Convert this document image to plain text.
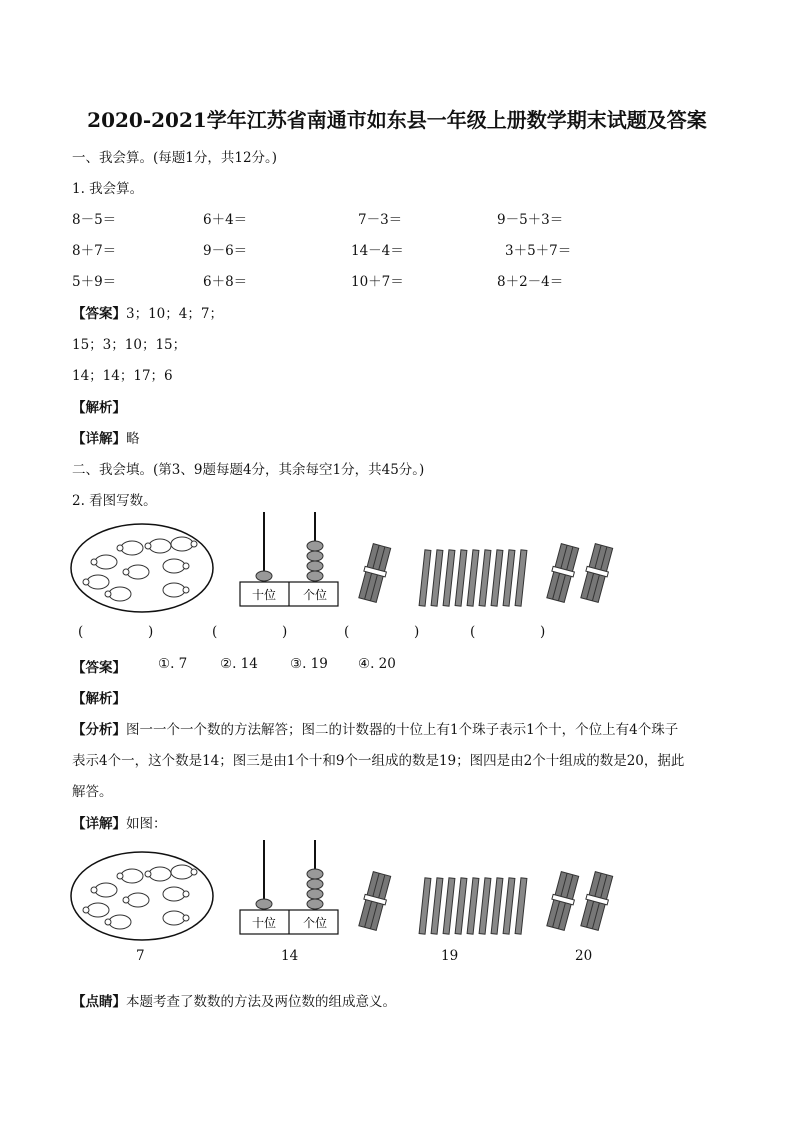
2020-2021学年江苏省南通市如东县一年级上册数学期末试题及答案
一、我会算。(每题1分，共12分。)
1. 我会算。
8－5＝	6＋4＝	7－3＝	9－5＋3＝
8＋7＝	9－6＝	14－4＝	3＋5＋7＝
5＋9＝	6＋8＝	10＋7＝	8＋2－4＝
【答案】3；10；4；7；
15；3；10；15；
14；14；17；6
【解析】
【详解】略
二、我会填。(第3、9题每题4分，其余每空1分，共45分。)
2. 看图写数。
十位 个位
(	)	(	)	(	)	(	)
【答案】 ①. 7 ②. 14 ③. 19 ④. 20
【解析】
【分析】图一一个一个数的方法解答；图二的计数器的十位上有1个珠子表示1个十，个位上有4个珠子
表示4个一，这个数是14；图三是由1个十和9个一组成的数是19；图四是由2个十组成的数是20，据此
解答。
【详解】如图：
十位 个位
7	14	19	20
【点睛】本题考查了数数的方法及两位数的组成意义。
